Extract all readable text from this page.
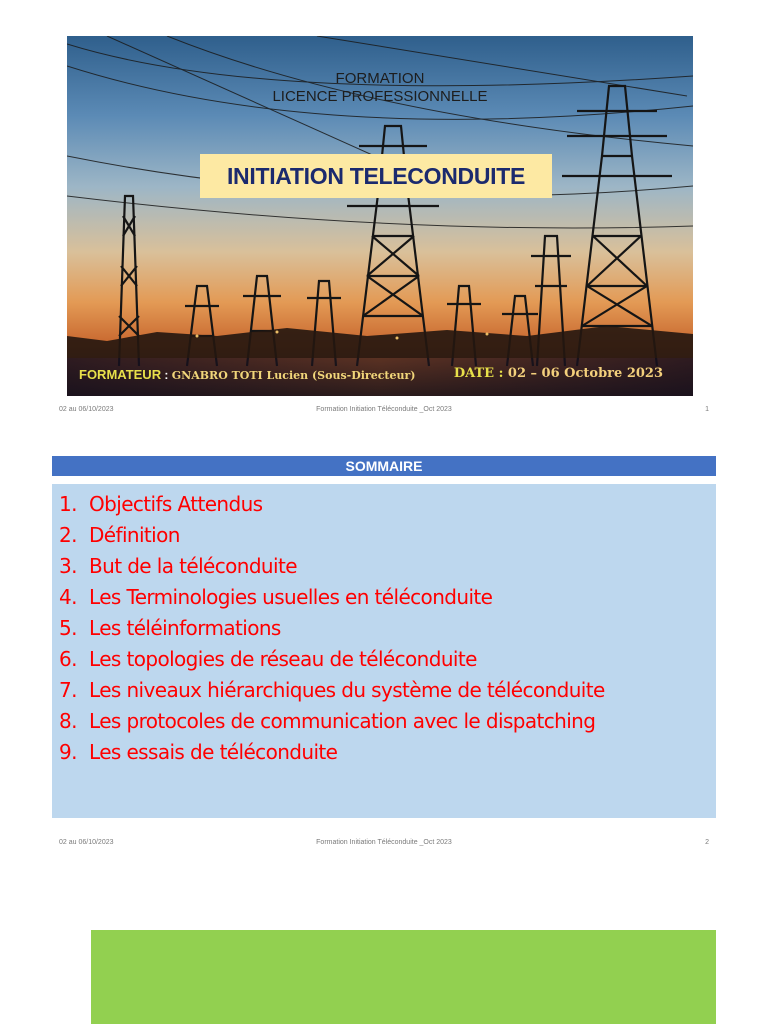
FORMATION
LICENCE PROFESSIONNELLE
INITIATION TELECONDUITE
FORMATEUR : GNABRO TOTI Lucien (Sous-Directeur)	DATE : 02 – 06 Octobre 2023
02 au 06/10/2023	Formation Initiation Téléconduite _Oct 2023	1
SOMMAIRE
1. Objectifs Attendus
2. Définition
3. But de la téléconduite
4. Les Terminologies usuelles en téléconduite
5. Les téléinformations
6. Les topologies de réseau de téléconduite
7. Les niveaux hiérarchiques du système de téléconduite
8. Les protocoles de communication avec le dispatching
9. Les essais de téléconduite
02 au 06/10/2023	Formation Initiation Téléconduite _Oct 2023	2
